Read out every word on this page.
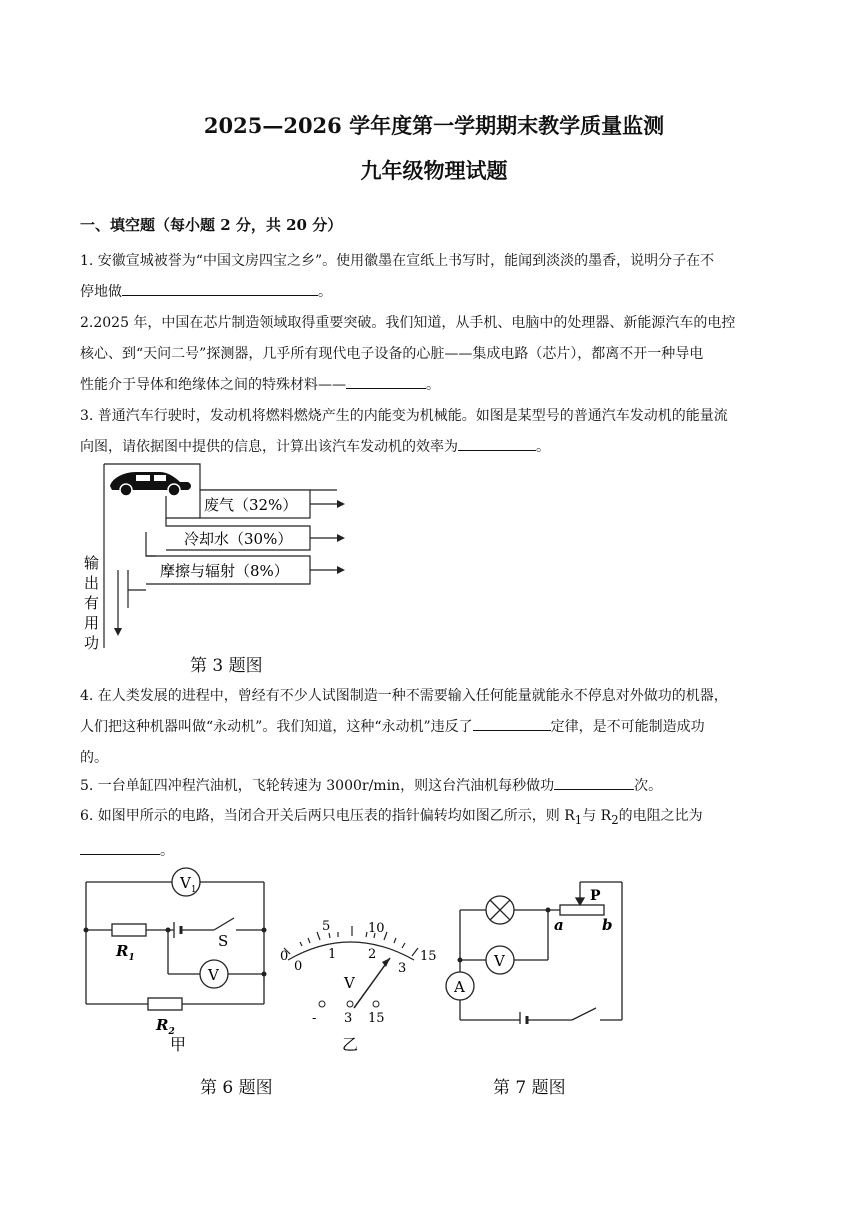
2025—2026 学年度第一学期期末教学质量监测
九年级物理试题
一、填空题（每小题 2 分，共 20 分）
1. 安徽宣城被誉为“中国文房四宝之乡”。使用徽墨在宣纸上书写时，能闻到淡淡的墨香，说明分子在不
停地做	。
2.2025 年，中国在芯片制造领域取得重要突破。我们知道，从手机、电脑中的处理器、新能源汽车的电控
核心、到“天问二号”探测器，几乎所有现代电子设备的心脏——集成电路（芯片），都离不开一种导电
性能介于导体和绝缘体之间的特殊材料——	。
3. 普通汽车行驶时，发动机将燃料燃烧产生的内能变为机械能。如图是某型号的普通汽车发动机的能量流
向图，请依据图中提供的信息，计算出该汽车发动机的效率为	。
废气（32%）
冷却水（30%）
摩擦与辐射（8%）
输
出
有
用
功
第 3 题图
4. 在人类发展的进程中，曾经有不少人试图制造一种不需要输入任何能量就能永不停息对外做功的机器，
人们把这种机器叫做“永动机”。我们知道，这种“永动机”违反了	定律，是不可能制造成功
的。
5. 一台单缸四冲程汽油机，飞轮转速为 3000r/min，则这台汽油机每秒做功	次。
6. 如图甲所示的电路，当闭合开关后两只电压表的指针偏转均如图乙所示，则 $R_1$与 $R_2$的电阻之比为
。
$V_1$
V
$R_1$
$R_2$
S
甲
0
5	10
15
0
1 2
3
V
- 3 15
乙
第 6 题图
P
a	b
V
A
第 7 题图
